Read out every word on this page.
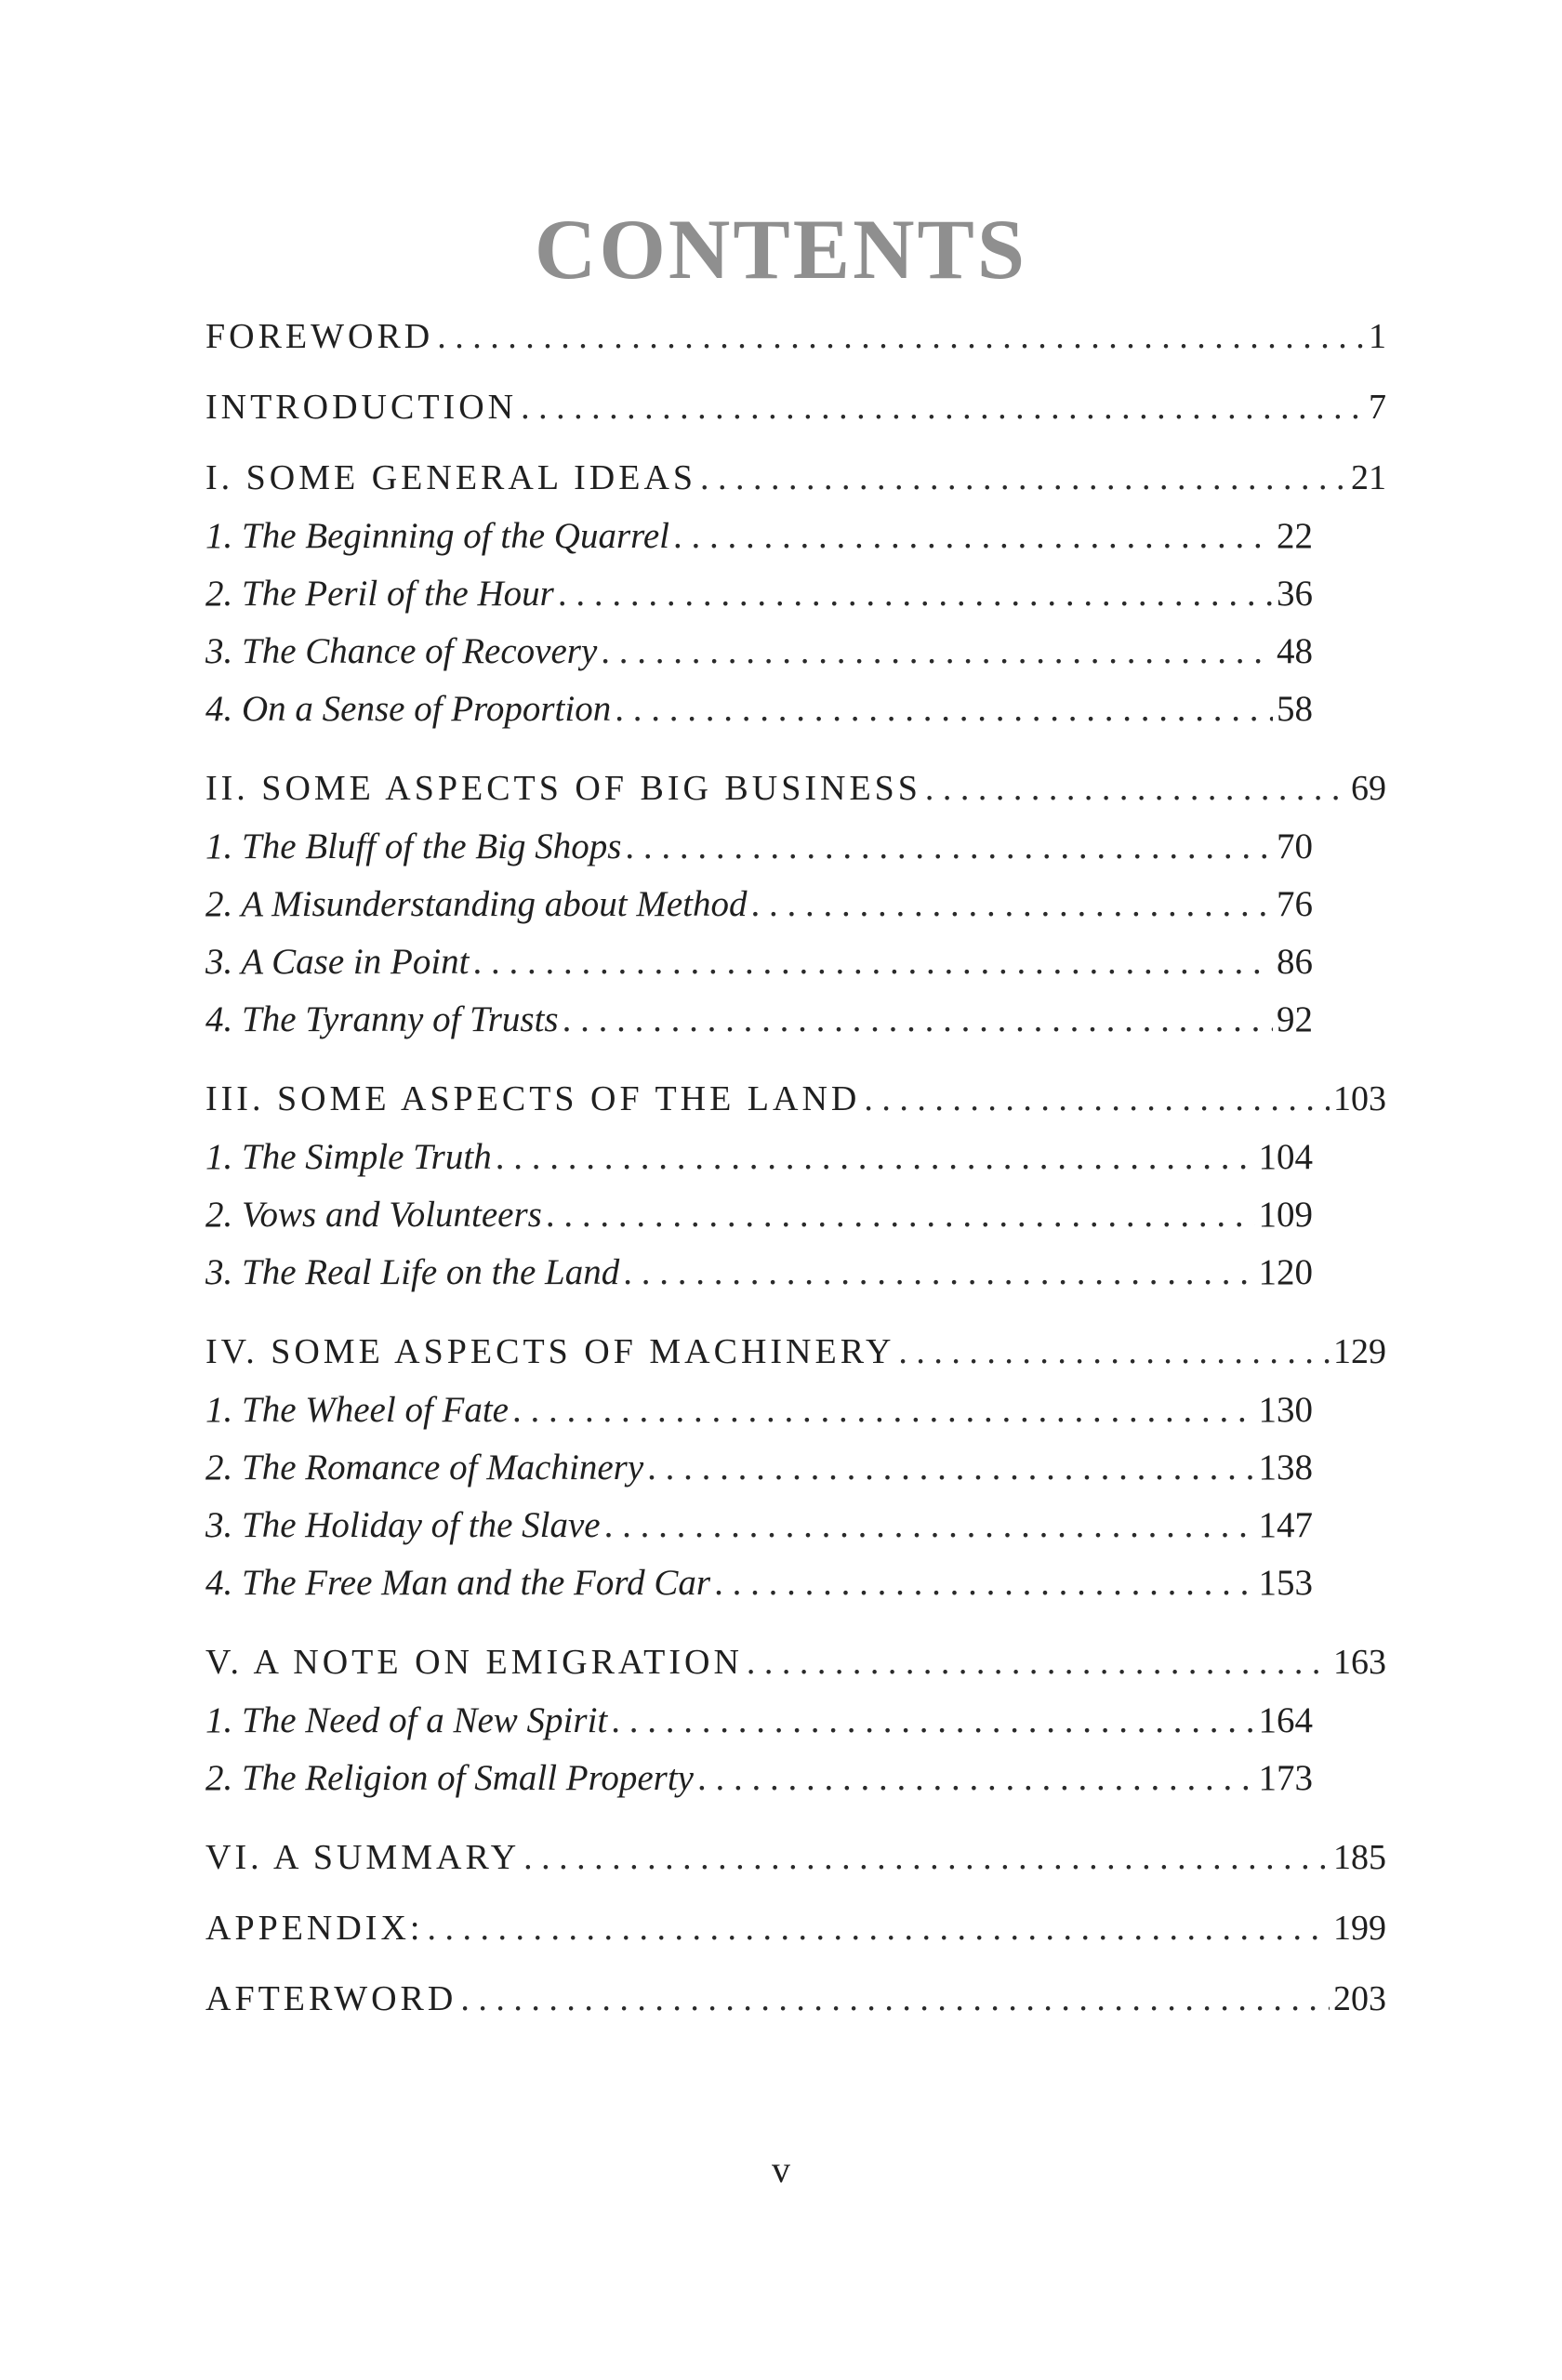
CONTENTS
FOREWORD . . .	1
INTRODUCTION . . .	7
I. SOME GENERAL IDEAS . . .	21
1. The Beginning of the Quarrel . . .	22
2. The Peril of the Hour . . .	36
3. The Chance of Recovery . . .	48
4. On a Sense of Proportion . . .	58
II. SOME ASPECTS OF BIG BUSINESS . . .	69
1. The Bluff of the Big Shops . . .	70
2. A Misunderstanding about Method . . .	76
3. A Case in Point . . .	86
4. The Tyranny of Trusts . . .	92
III. SOME ASPECTS OF THE LAND . . .	103
1. The Simple Truth . . .	104
2. Vows and Volunteers . . .	109
3. The Real Life on the Land . . .	120
IV. SOME ASPECTS OF MACHINERY . . .	129
1. The Wheel of Fate . . .	130
2. The Romance of Machinery . . .	138
3. The Holiday of the Slave . . .	147
4. The Free Man and the Ford Car . . .	153
V. A NOTE ON EMIGRATION . . .	163
1. The Need of a New Spirit . . .	164
2. The Religion of Small Property . . .	173
VI. A SUMMARY . . .	185
APPENDIX: . . .	199
AFTERWORD . . .	203
v
